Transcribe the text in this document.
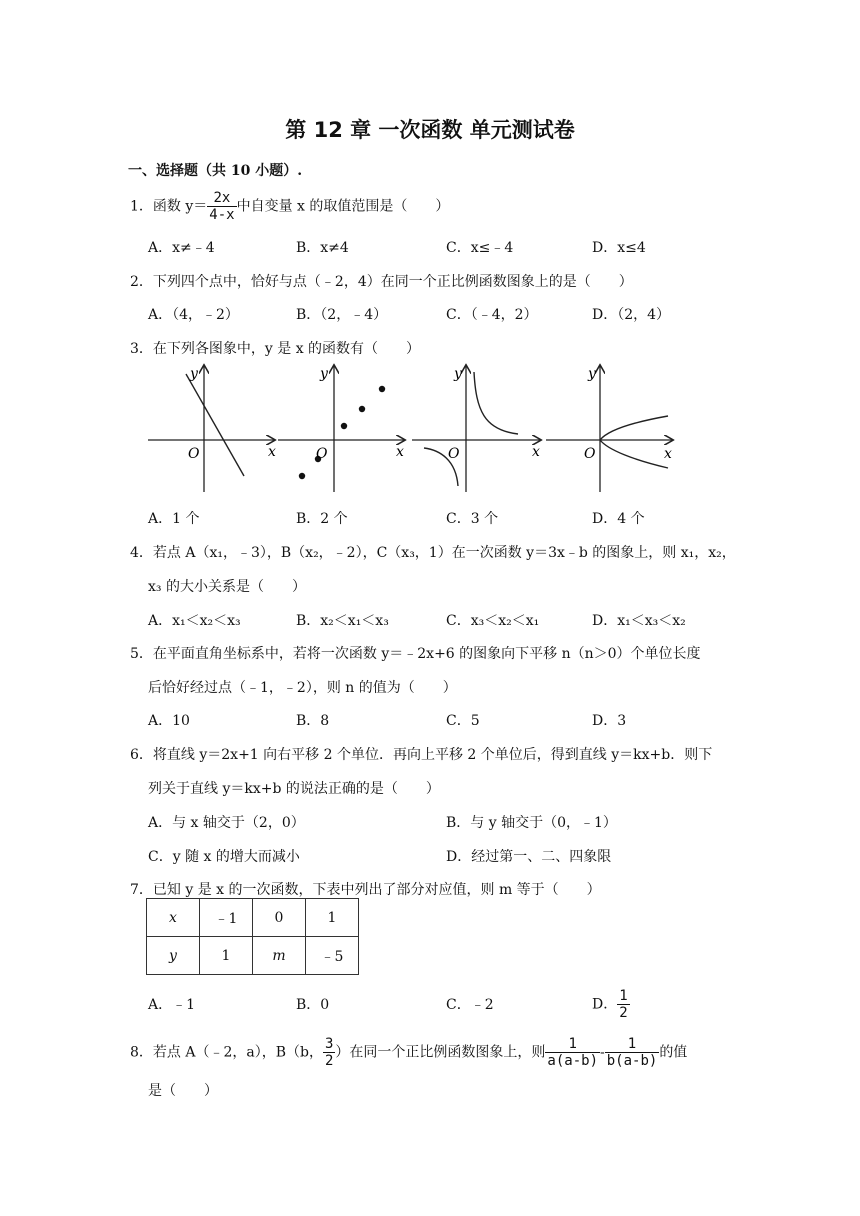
第 12 章 一次函数 单元测试卷
一、选择题（共 10 小题）.
1．函数 $y= \frac{2x}{4-x}$ 中自变量 x 的取值范围是（　　）
A．x≠﹣4	B．x≠4	C．x≤﹣4	D．x≤4
2．下列四个点中，恰好与点（﹣2，4）在同一个正比例函数图象上的是（　　）
A．（4，﹣2）	B．（2，﹣4）	C．（﹣4，2）	D．（2，4）
3．在下列各图象中，y 是 x 的函数有（　　）
x
y
O	x
y
O	x
y
O	x
y
O
A．1 个	B．2 个	C．3 个	D．4 个
4．若点 A（x₁，﹣3），B（x₂，﹣2），C（x₃，1）在一次函数 y＝3x﹣b 的图象上，则 x₁，x₂，
x₃ 的大小关系是（　　）
A．x₁＜x₂＜x₃	B．x₂＜x₁＜x₃	C．x₃＜x₂＜x₁	D．x₁＜x₃＜x₂
5．在平面直角坐标系中，若将一次函数 y＝﹣2x+6 的图象向下平移 n（n＞0）个单位长度
后恰好经过点（﹣1，﹣2），则 n 的值为（　　）
A．10	B．8	C．5	D．3
6．将直线 y＝2x+1 向右平移 2 个单位．再向上平移 2 个单位后，得到直线 y＝kx+b．则下
列关于直线 y＝kx+b 的说法正确的是（　　）
A．与 x 轴交于（2，0）	B．与 y 轴交于（0，﹣1）
C．y 随 x 的增大而减小	D．经过第一、二、四象限
7．已知 y 是 x 的一次函数，下表中列出了部分对应值，则 m 等于（　　）
x	﹣1	0	1
y	1	m	﹣5
A．﹣1	B．0	C．﹣2	D． $\frac{1}{2}$
8．若点 A（﹣2，a），B（b， $\frac{3}{2}$ ）在同一个正比例函数图象上，则 $\frac{1}{a(a-b)} - \frac{1}{b(a-b)}$ 的值
是（　　）
